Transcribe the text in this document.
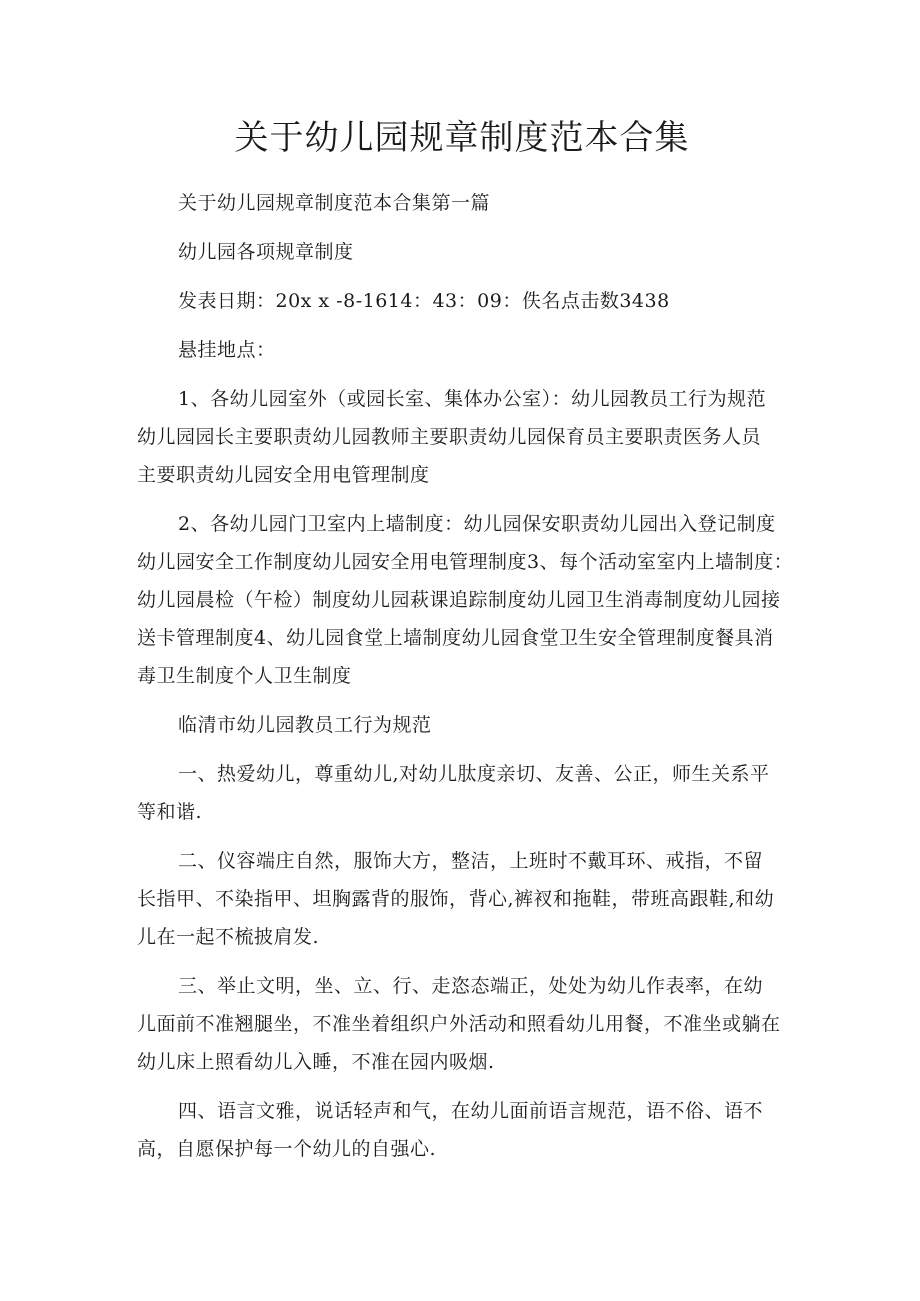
关于幼儿园规章制度范本合集

关于幼儿园规章制度范本合集第一篇

幼儿园各项规章制度

发表日期：20x x -8-1614：43：09：佚名点击数3438

悬挂地点：

1、各幼儿园室外（或园长室、集体办公室）：幼儿园教员工行为规范

幼儿园园长主要职责幼儿园教师主要职责幼儿园保育员主要职责医务人员

主要职责幼儿园安全用电管理制度

2、各幼儿园门卫室内上墙制度：幼儿园保安职责幼儿园出入登记制度

幼儿园安全工作制度幼儿园安全用电管理制度3、每个活动室室内上墙制度：

幼儿园晨检（午检）制度幼儿园萩课追踪制度幼儿园卫生消毒制度幼儿园接

送卡管理制度4、幼儿园食堂上墙制度幼儿园食堂卫生安全管理制度餐具消

毒卫生制度个人卫生制度

临清市幼儿园教员工行为规范

一、热爱幼儿，尊重幼儿,对幼儿肽度亲切、友善、公正，师生关系平

等和谐.

二、仪容端庄自然，服饰大方，整洁，上班时不戴耳环、戒指，不留

长指甲、不染指甲、坦胸露背的服饰，背心,裤衩和拖鞋，带班高跟鞋,和幼

儿在一起不梳披肩发.

三、举止文明，坐、立、行、走恣态端正，处处为幼儿作表率，在幼

儿面前不准翘腿坐，不准坐着组织户外活动和照看幼儿用餐，不准坐或躺在

幼儿床上照看幼儿入睡，不准在园内吸烟.

四、语言文雅，说话轻声和气，在幼儿面前语言规范，语不俗、语不

高，自愿保护每一个幼儿的自强心.
